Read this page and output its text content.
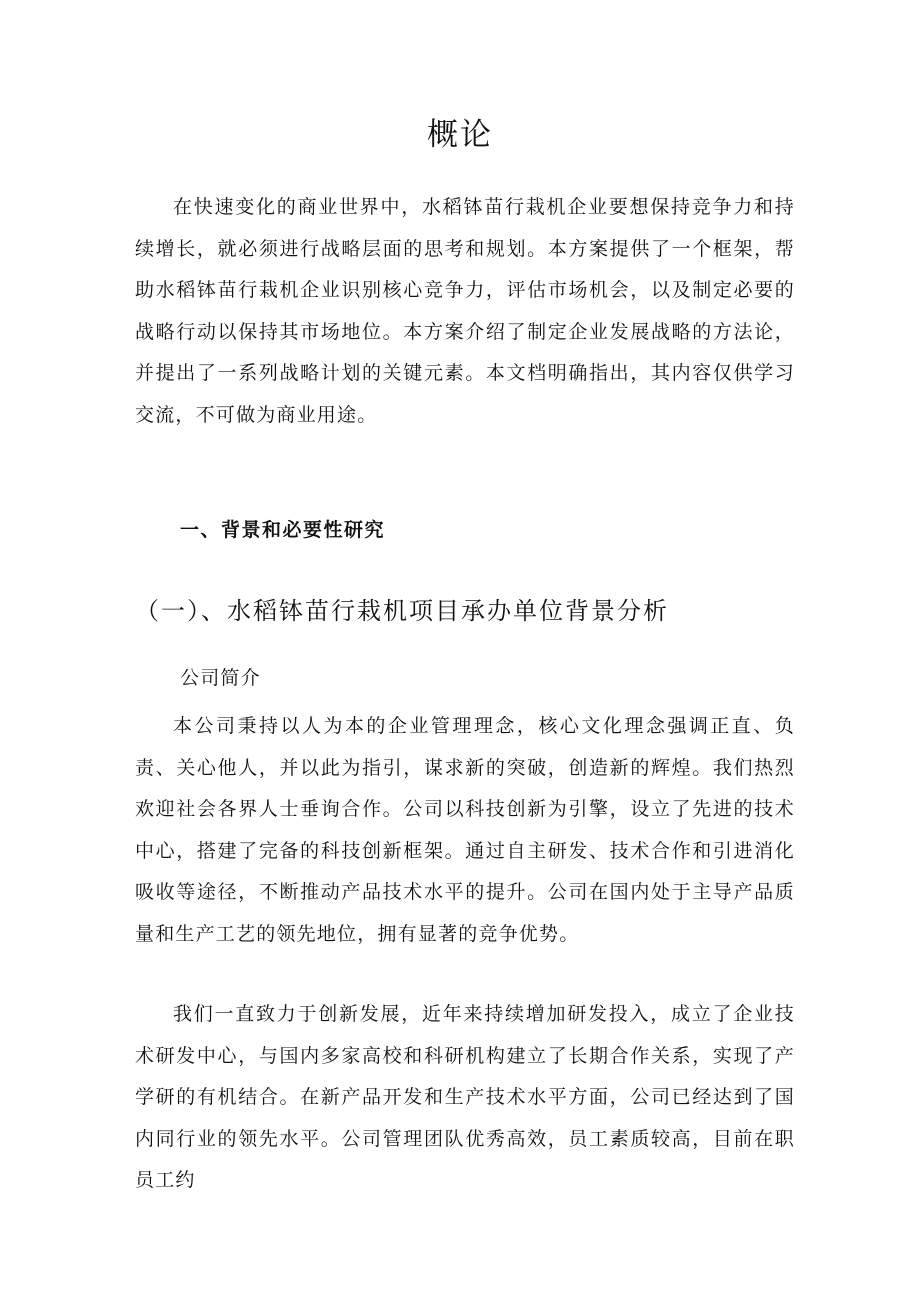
概论
在快速变化的商业世界中，水稻钵苗行栽机企业要想保持竞争力和持续增长，就必须进行战略层面的思考和规划。本方案提供了一个框架，帮助水稻钵苗行栽机企业识别核心竞争力，评估市场机会，以及制定必要的战略行动以保持其市场地位。本方案介绍了制定企业发展战略的方法论，并提出了一系列战略计划的关键元素。本文档明确指出，其内容仅供学习交流，不可做为商业用途。
一、背景和必要性研究
（一）、水稻钵苗行栽机项目承办单位背景分析
公司简介
本公司秉持以人为本的企业管理理念，核心文化理念强调正直、负责、关心他人，并以此为指引，谋求新的突破，创造新的辉煌。我们热烈欢迎社会各界人士垂询合作。公司以科技创新为引擎，设立了先进的技术中心，搭建了完备的科技创新框架。通过自主研发、技术合作和引进消化吸收等途径，不断推动产品技术水平的提升。公司在国内处于主导产品质量和生产工艺的领先地位，拥有显著的竞争优势。
我们一直致力于创新发展，近年来持续增加研发投入，成立了企业技术研发中心，与国内多家高校和科研机构建立了长期合作关系，实现了产学研的有机结合。在新产品开发和生产技术水平方面，公司已经达到了国内同行业的领先水平。公司管理团队优秀高效，员工素质较高，目前在职员工约
